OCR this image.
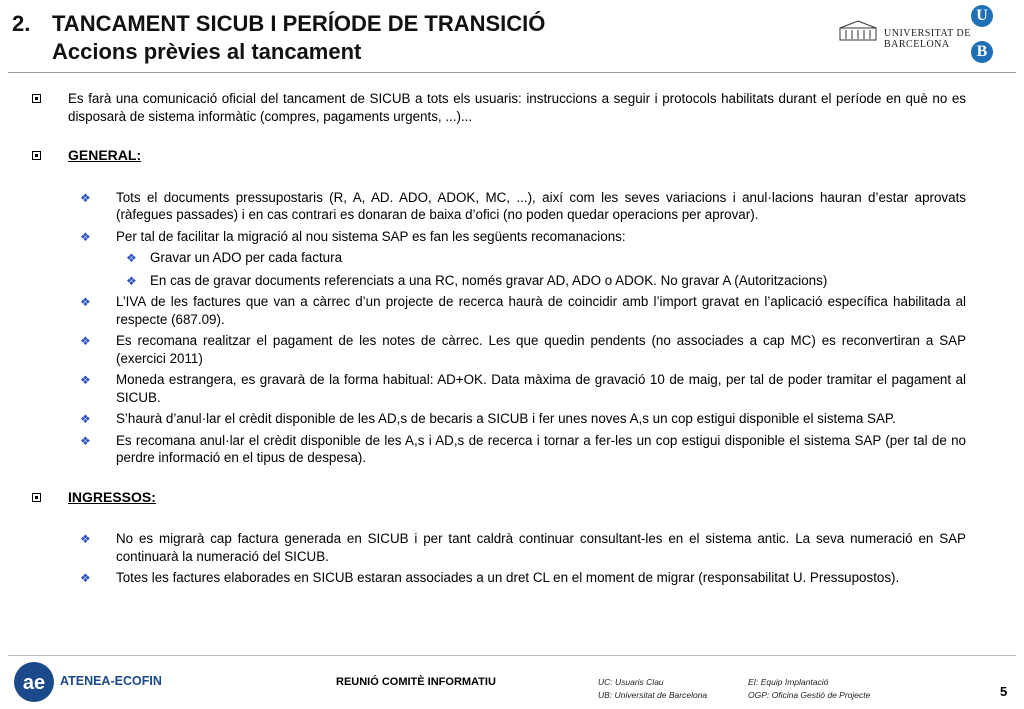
2. TANCAMENT SICUB I PERÍODE DE TRANSICIÓ
Accions prèvies al tancament
UNIVERSITAT DE BARCELONA
U
B
Es farà una comunicació oficial del tancament de SICUB a tots els usuaris: instruccions a seguir i protocols habilitats durant el període en què no es disposarà de sistema informàtic (compres, pagaments urgents, ...)...
GENERAL:
❖ Tots el documents pressupostaris (R, A, AD. ADO, ADOK, MC, ...), així com les seves variacions i anul·lacions hauran d’estar aprovats (ràfegues passades) i en cas contrari es donaran de baixa d’ofici (no poden quedar operacions per aprovar).
❖ Per tal de facilitar la migració al nou sistema SAP es fan les següents recomanacions:
❖ Gravar un ADO per cada factura
❖ En cas de gravar documents referenciats a una RC, només gravar AD, ADO o ADOK. No gravar A (Autoritzacions)
❖ L’IVA de les factures que van a càrrec d’un projecte de recerca haurà de coincidir amb l’import gravat en l’aplicació específica habilitada al respecte (687.09).
❖ Es recomana realitzar el pagament de les notes de càrrec. Les que quedin pendents (no associades a cap MC) es reconvertiran a SAP (exercici 2011)
❖ Moneda estrangera, es gravarà de la forma habitual: AD+OK. Data màxima de gravació 10 de maig, per tal de poder tramitar el pagament al SICUB.
❖ S’haurà d’anul·lar el crèdit disponible de les AD,s de becaris a SICUB i fer unes noves A,s un cop estigui disponible el sistema SAP.
❖ Es recomana anul·lar el crèdit disponible de les A,s i AD,s de recerca i tornar a fer-les un cop estigui disponible el sistema SAP (per tal de no perdre informació en el tipus de despesa).
INGRESSOS:
❖ No es migrarà cap factura generada en SICUB i per tant caldrà continuar consultant-les en el sistema antic. La seva numeració en SAP continuarà la numeració del SICUB.
❖ Totes les factures elaborades en SICUB estaran associades a un dret CL en el moment de migrar (responsabilitat U. Pressupostos).
ae ATENEA-ECOFIN	REUNIÓ COMITÈ INFORMATIU	UC: Usuaris Clau
UB: Universitat de Barcelona
EI: Equip Implantació
OGP: Oficina Gestió de Projecte	5
